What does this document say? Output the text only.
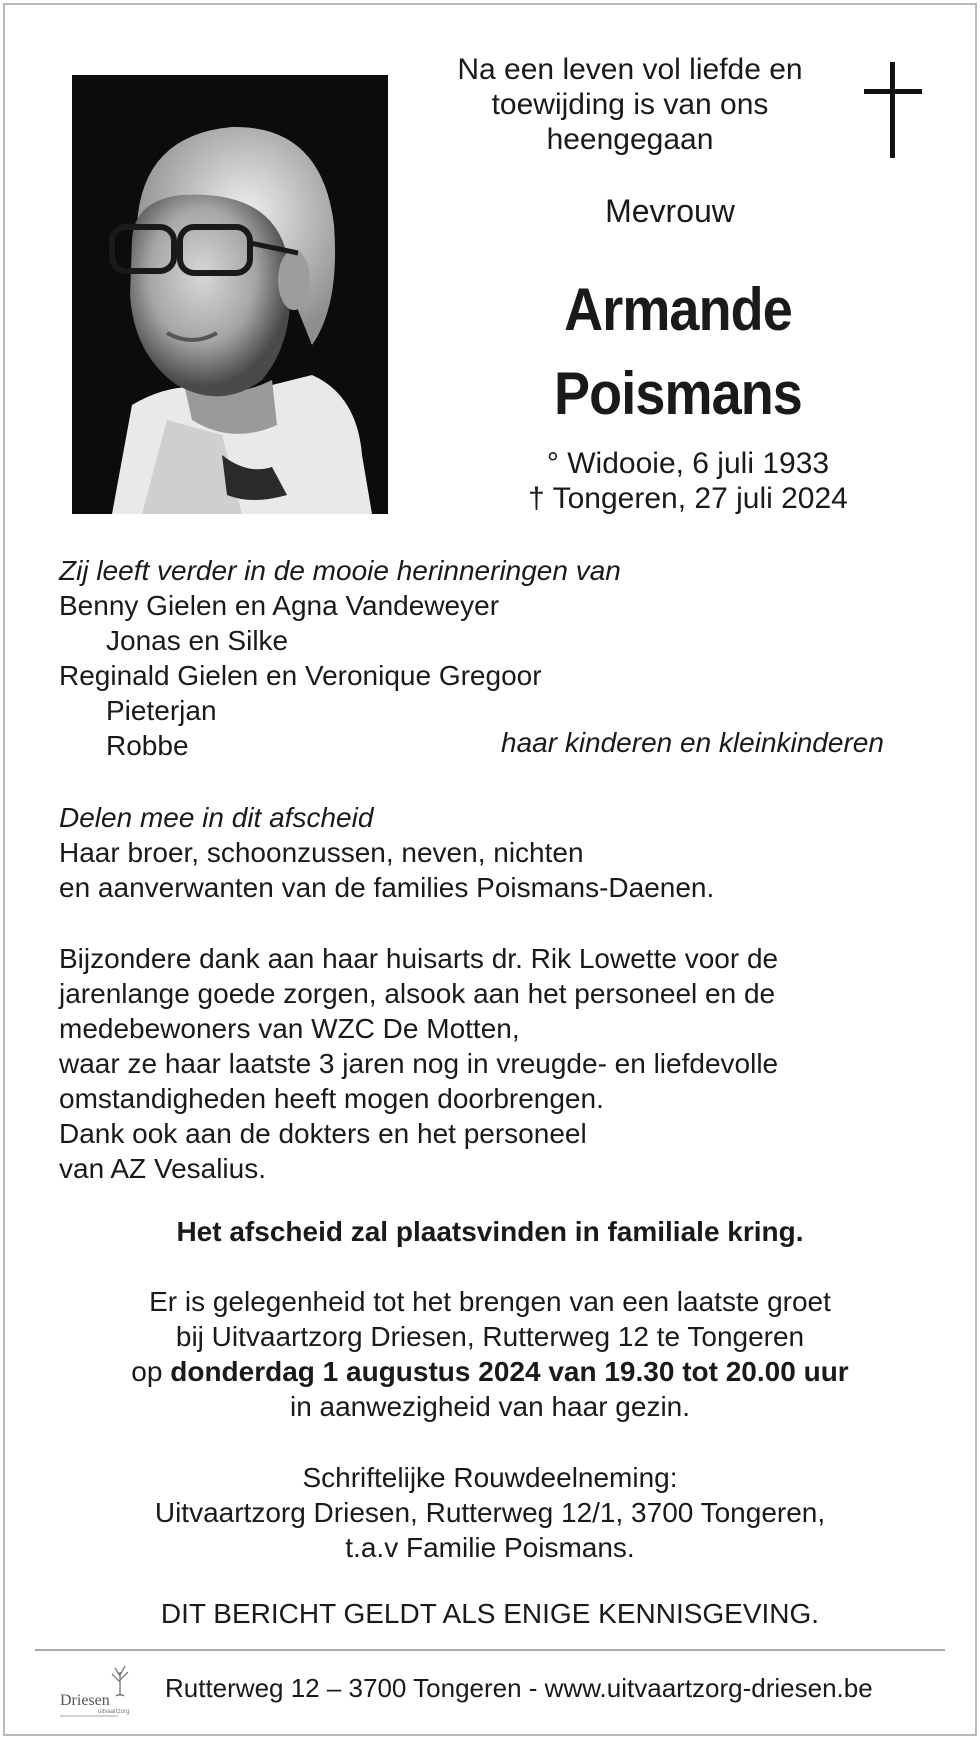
Na een leven vol liefde en
toewijding is van ons
heengegaan
Mevrouw
Armande
Poismans
° Widooie, 6 juli 1933
† Tongeren, 27 juli 2024
Zij leeft verder in de mooie herinneringen van
Benny Gielen en Agna Vandeweyer
Jonas en Silke
Reginald Gielen en Veronique Gregoor
Pieterjan
Robbe	haar kinderen en kleinkinderen
Delen mee in dit afscheid
Haar broer, schoonzussen, neven, nichten
en aanverwanten van de families Poismans-Daenen.
Bijzondere dank aan haar huisarts dr. Rik Lowette voor de
jarenlange goede zorgen, alsook aan het personeel en de
medebewoners van WZC De Motten,
waar ze haar laatste 3 jaren nog in vreugde- en liefdevolle
omstandigheden heeft mogen doorbrengen.
Dank ook aan de dokters en het personeel
van AZ Vesalius.
Het afscheid zal plaatsvinden in familiale kring.
Er is gelegenheid tot het brengen van een laatste groet
bij Uitvaartzorg Driesen, Rutterweg 12 te Tongeren
op donderdag 1 augustus 2024 van 19.30 tot 20.00 uur
in aanwezigheid van haar gezin.
Schriftelijke Rouwdeelneming:
Uitvaartzorg Driesen, Rutterweg 12/1, 3700 Tongeren,
t.a.v Familie Poismans.
DIT BERICHT GELDT ALS ENIGE KENNISGEVING.
Driesen
uitvaartzorg
Rutterweg 12 – 3700 Tongeren - www.uitvaartzorg-driesen.be
